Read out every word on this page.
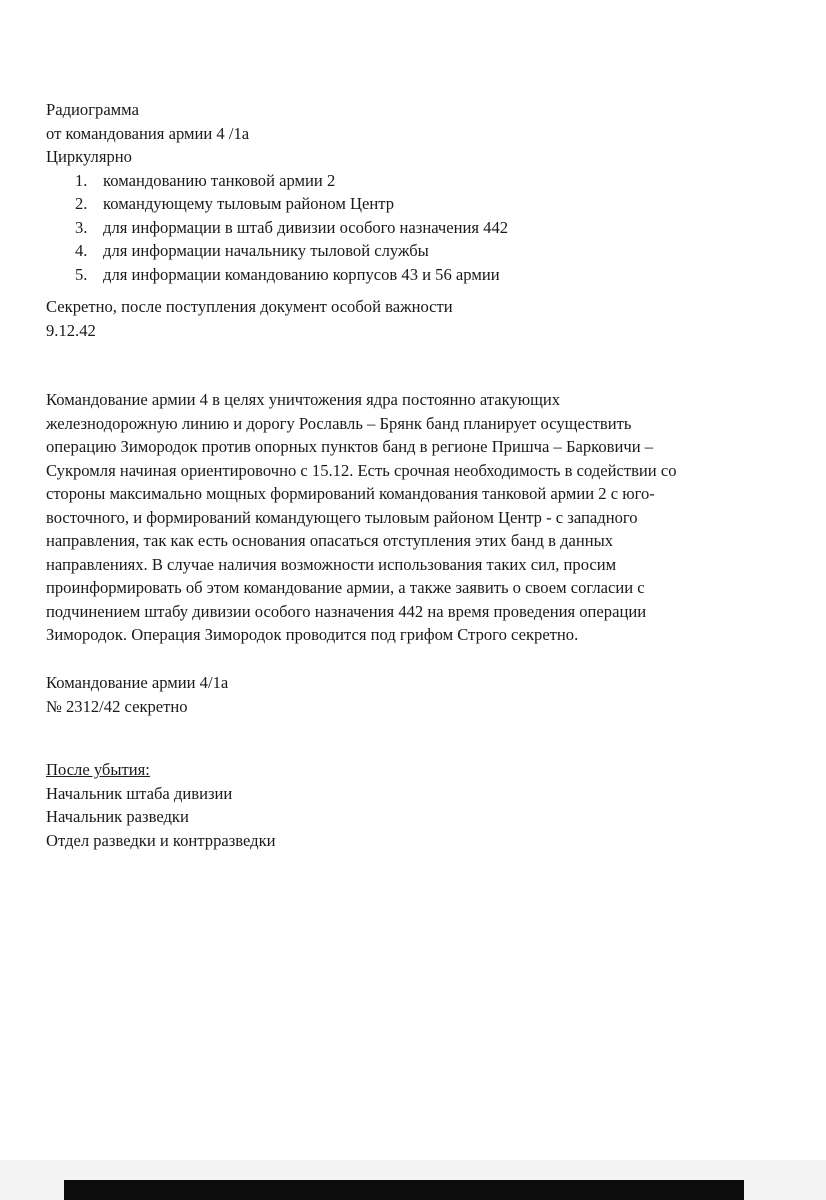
Радиограмма
от командования армии 4 /1а
Циркулярно
1. командованию танковой армии 2
2. командующему тыловым районом Центр
3. для информации в штаб дивизии особого назначения 442
4. для информации начальнику тыловой службы
5. для информации командованию корпусов 43 и 56 армии
Секретно, после поступления документ особой важности
9.12.42
Командование армии 4 в целях уничтожения ядра постоянно атакующих
железнодорожную линию и дорогу Рославль – Брянк банд планирует осуществить
операцию Зимородок против опорных пунктов банд в регионе Пришча – Барковичи –
Сукромля начиная ориентировочно с 15.12. Есть срочная необходимость в содействии со
стороны максимально мощных формирований командования танковой армии 2 с юго-
восточного, и формирований командующего тыловым районом Центр - с западного
направления, так как есть основания опасаться отступления этих банд в данных
направлениях. В случае наличия возможности использования таких сил, просим
проинформировать об этом командование армии, а также заявить о своем согласии с
подчинением штабу дивизии особого назначения 442 на время проведения операции
Зимородок. Операция Зимородок проводится под грифом Строго секретно.
Командование армии 4/1а
№ 2312/42 секретно
После убытия:
Начальник штаба дивизии
Начальник разведки
Отдел разведки и контрразведки
